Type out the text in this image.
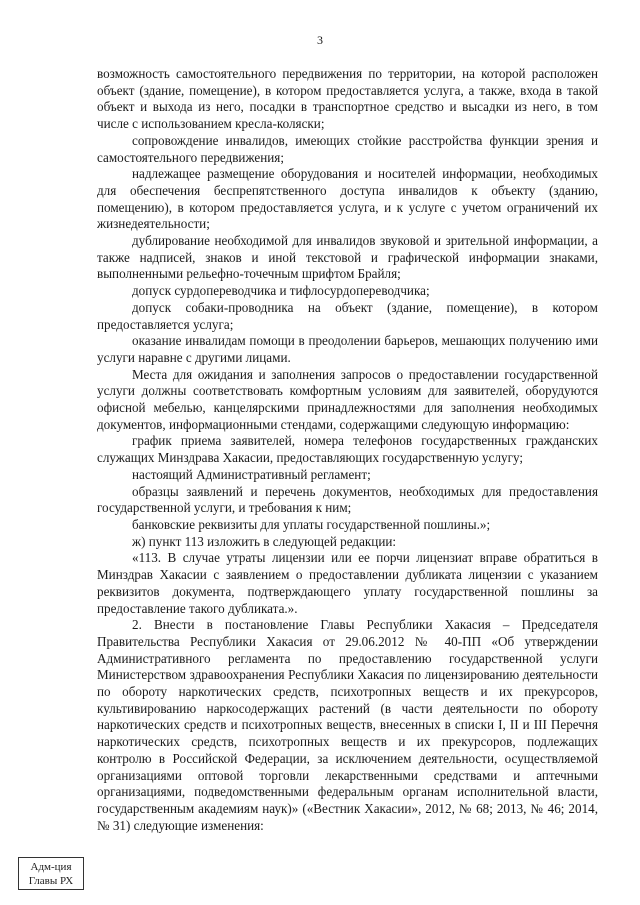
3

возможность самостоятельного передвижения по территории, на которой расположен объект (здание, помещение), в котором предоставляется услуга, а также, входа в такой объект и выхода из него, посадки в транспортное средство и высадки из него, в том числе с использованием кресла-коляски;

сопровождение инвалидов, имеющих стойкие расстройства функции зрения и самостоятельного передвижения;

надлежащее размещение оборудования и носителей информации, необходимых для обеспечения беспрепятственного доступа инвалидов к объекту (зданию, помещению), в котором предоставляется услуга, и к услуге с учетом ограничений их жизнедеятельности;

дублирование необходимой для инвалидов звуковой и зрительной информации, а также надписей, знаков и иной текстовой и графической информации знаками, выполненными рельефно-точечным шрифтом Брайля;

допуск сурдопереводчика и тифлосурдопереводчика;

допуск собаки-проводника на объект (здание, помещение), в котором предоставляется услуга;

оказание инвалидам помощи в преодолении барьеров, мешающих получению ими услуги наравне с другими лицами.

Места для ожидания и заполнения запросов о предоставлении государственной услуги должны соответствовать комфортным условиям для заявителей, оборудуются офисной мебелью, канцелярскими принадлежностями для заполнения необходимых документов, информационными стендами, содержащими следующую информацию:

график приема заявителей, номера телефонов государственных гражданских служащих Минздрава Хакасии, предоставляющих государственную услугу;

настоящий Административный регламент;

образцы заявлений и перечень документов, необходимых для предоставления государственной услуги, и требования к ним;

банковские реквизиты для уплаты государственной пошлины.»;

ж) пункт 113 изложить в следующей редакции:

«113. В случае утраты лицензии или ее порчи лицензиат вправе обратиться в Минздрав Хакасии с заявлением о предоставлении дубликата лицензии с указанием реквизитов документа, подтверждающего уплату государственной пошлины за предоставление такого дубликата.».

2. Внести в постановление Главы Республики Хакасия – Председателя Правительства Республики Хакасия от 29.06.2012 № 40-ПП «Об утверждении Административного регламента по предоставлению государственной услуги Министерством здравоохранения Республики Хакасия по лицензированию деятельности по обороту наркотических средств, психотропных веществ и их прекурсоров, культивированию наркосодержащих растений (в части деятельности по обороту наркотических средств и психотропных веществ, внесенных в списки I, II и III Перечня наркотических средств, психотропных веществ и их прекурсоров, подлежащих контролю в Российской Федерации, за исключением деятельности, осуществляемой организациями оптовой торговли лекарственными средствами и аптечными организациями, подведомственными федеральным органам исполнительной власти, государственным академиям наук)» («Вестник Хакасии», 2012, № 68; 2013, № 46; 2014, № 31) следующие изменения:

Адм-ция
Главы РХ
